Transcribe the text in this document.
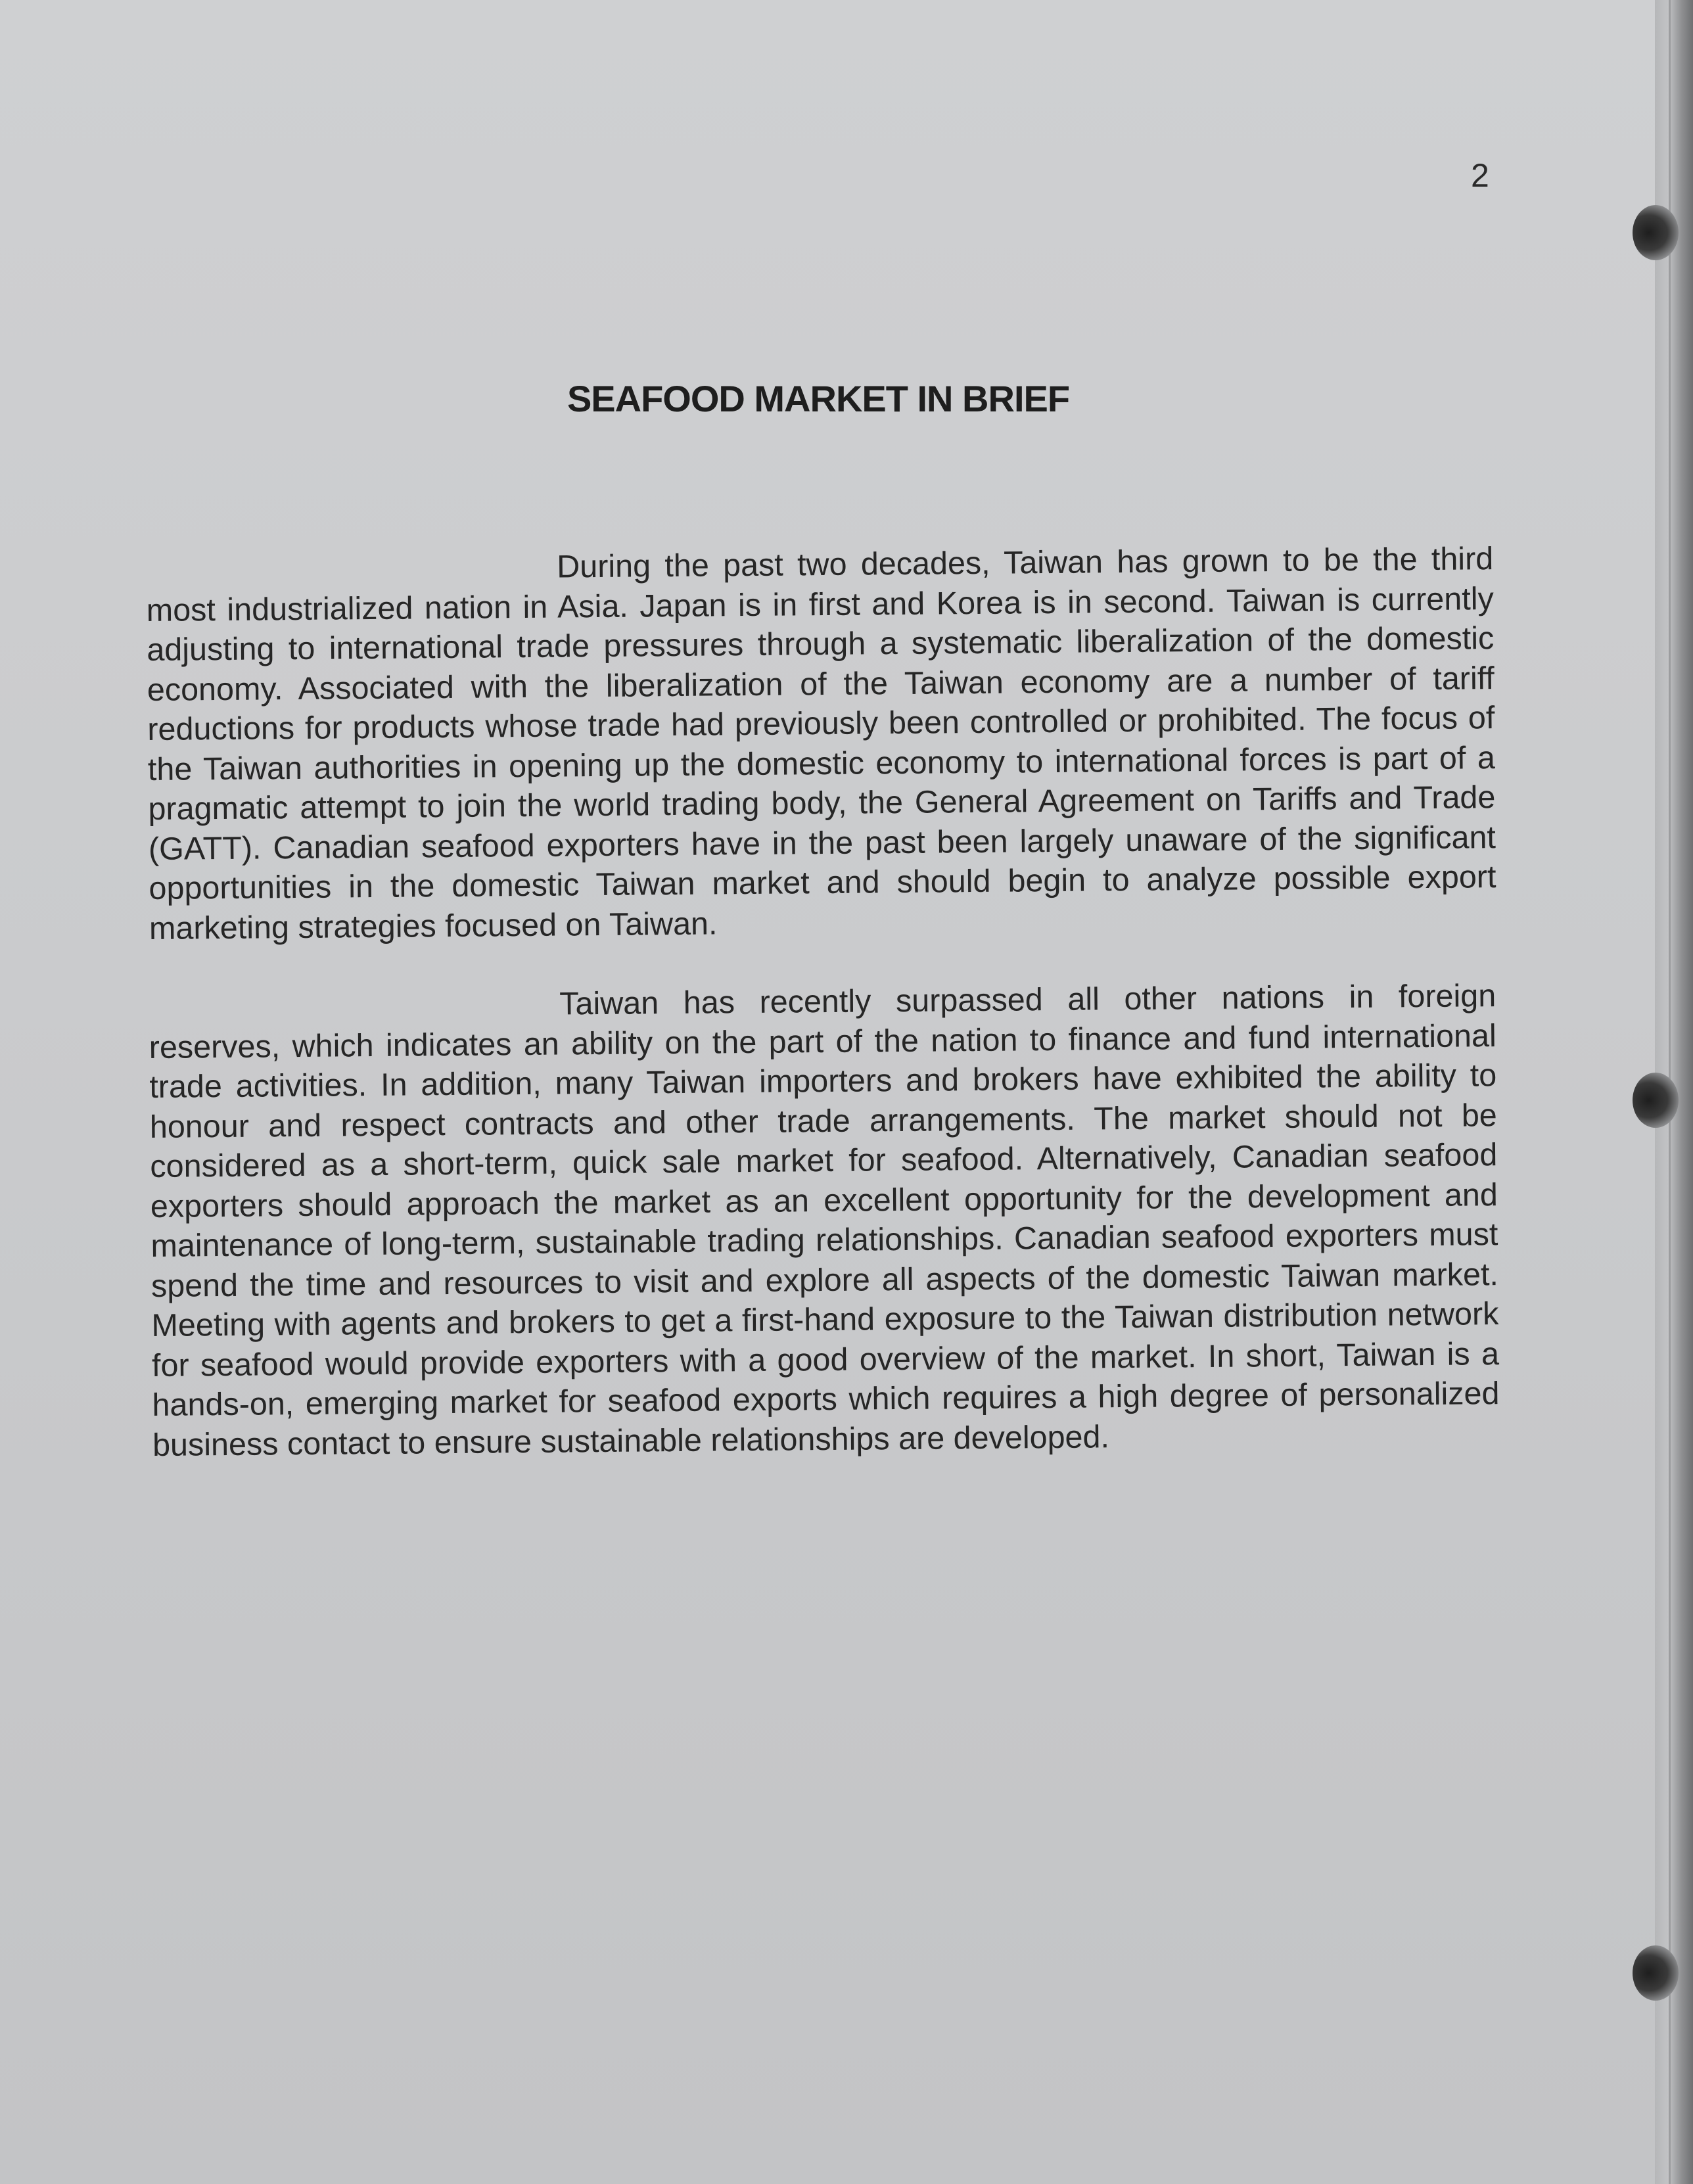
2
SEAFOOD MARKET IN BRIEF

During the past two decades, Taiwan has grown to be the third most industrialized nation in Asia. Japan is in first and Korea is in second. Taiwan is currently adjusting to international trade pressures through a systematic liberalization of the domestic economy. Associated with the liberalization of the Taiwan economy are a number of tariff reductions for products whose trade had previously been controlled or prohibited. The focus of the Taiwan authorities in opening up the domestic economy to international forces is part of a pragmatic attempt to join the world trading body, the General Agreement on Tariffs and Trade (GATT). Canadian seafood exporters have in the past been largely unaware of the significant opportunities in the domestic Taiwan market and should begin to analyze possible export marketing strategies focused on Taiwan.

Taiwan has recently surpassed all other nations in foreign reserves, which indicates an ability on the part of the nation to finance and fund international trade activities. In addition, many Taiwan importers and brokers have exhibited the ability to honour and respect contracts and other trade arrangements. The market should not be considered as a short-term, quick sale market for seafood. Alternatively, Canadian seafood exporters should approach the market as an excellent opportunity for the development and maintenance of long-term, sustainable trading relationships. Canadian seafood exporters must spend the time and resources to visit and explore all aspects of the domestic Taiwan market. Meeting with agents and brokers to get a first-hand exposure to the Taiwan distribution network for seafood would provide exporters with a good overview of the market. In short, Taiwan is a hands-on, emerging market for seafood exports which requires a high degree of personalized business contact to ensure sustainable relationships are developed.
